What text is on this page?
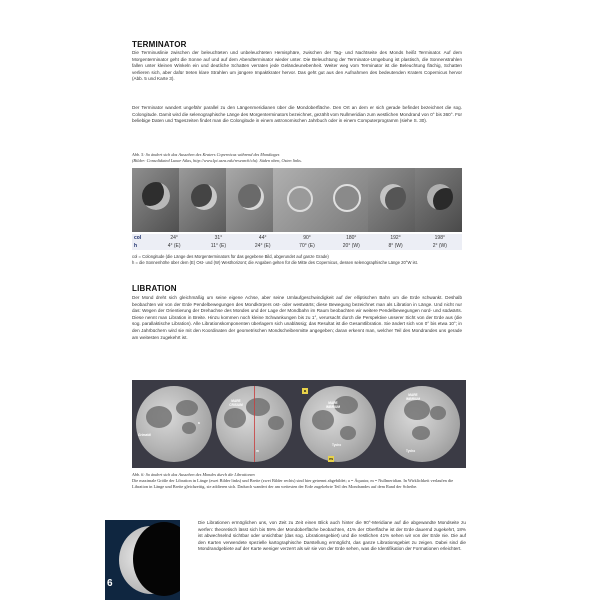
TERMINATOR

Die Terminuslinie zwischen der beleuchteten und unbeleuchteten Hemisphäre, zwischen der Tag- und Nachtseite des Monds heißt Terminator. Auf dem Morgenterminator geht die Sonne auf und auf dem Abendterminator wieder unter. Die Beleuchtung der Terminator-Umgebung ist plastisch, die Sonnenstrahlen fallen unter kleinen Winkeln ein und deutliche Schatten verraten jede Geländeunebenheit. Weiter weg vom Terminator ist die Beleuchtung flächig, Schatten verlieren sich, aber dafür treten klare Strahlen um jüngere Impaktkrater hervor. Das geht gut aus den Aufnahmen des bedeutenden Kraters Copernicus hervor (Abb. 5 und Karte 3).

Der Terminator wandert ungefähr parallel zu den Längenmeridianen über die Mondoberfläche. Den Ort an dem er sich gerade befindet bezeichnet die sog. Colongitude. Damit wird die selenographische Länge des Morgenterminators bezeichnet, gezählt vom Nullmeridian zum westlichen Mondrand von 0° bis 360°. Für beliebige Daten und Tageszeiten findet man die Colongitude in einem astronomischen Jahrbuch oder in einem Computerprogramm (siehe S. 30).

Abb. 5: So ändert sich das Aussehen des Kraters Copernicus während des Mondtages
(Bilder: Consolidated Lunar Atlas, http://www.lpi.usra.edu/research/cla). Süden oben, Osten links.

col	24°	31°	44°	90°	180°	192°	198°
h	4° (E)	11° (E)	24° (E)	70° (E)	20° (W)	8° (W)	2° (W)

col = Colongitude (die Länge des Morgenterminators für das gegebene Bild, abgerundet auf ganze Grade)

h = die Sonnenhöhe über dem (E) Ost- und (W) Westhorizont; die Angaben gelten für die Mitte des Copernicus, dessen selenographische Länge 20°W ist.

LIBRATION

Der Mond dreht sich gleichmäßig um seine eigene Achse, aber seine Umlaufgeschwindigkeit auf der elliptischen Bahn um die Erde schwankt. Deshalb beobachten wir von der Erde Pendelbewegungen des Mondkörpers ost- oder westwärts; diese Bewegung bezeichnet man als Libration in Länge. Und nicht nur das: Wegen der Orientierung der Drehachse des Mondes und der Lage der Mondbahn im Raum beobachten wir weitere Pendelbewegungen nord- und südwärts. Diese nennt man Libration in Breite. Hinzu kommen noch kleine Schwankungen bis zu 1°, verursacht durch die Perspektive unserer Sicht von der Erde aus (die sog. parallaktische Libration). Alle Librationskomponenten überlagern sich unablässig; das Resultat ist die Gesamtlibration. Sie ändert sich von 0° bis etwa 10°; in den Jahrbüchern wird sie mit den Koordinaten der geometrischen Mondscheibenmitte angegeben; daran erkennt man, welcher Teil des Mondrandes uns gerade am weitesten zugekehrt ist.

Grimaldi
a
MARE CRISIUM
m
a
m
Tycho
MARE IMBRIUM
MARE IMBRIUM
Tycho

Abb. 6: So ändert sich das Aussehen des Mondes durch die Librationen
Die maximale Größe der Libration in Länge (zwei Bilder links) und Breite (zwei Bilder rechts) sind hier getrennt abgebildet; a = Äquator, m = Nullmeridian. In Wirklichkeit verlaufen die Libration in Länge und Breite gleichzeitig, sie addieren sich. Dadurch wandert der am weitesten der Erde zugekehrte Teil des Mondrandes auf dem Rand der Scheibe.

6

Die Librationen ermöglichen uns, von Zeit zu Zeit einen Blick auch hinter die 90°-Meridiane auf die abgewandte Mondseite zu werfen: theoretisch lässt sich bis 59% der Mondoberfläche beobachten, 41% der Oberfläche ist der Erde dauernd zugekehrt, 18% ist abwechselnd sichtbar oder unsichtbar (das sog. Librationsgebiet) und die restlichen 41% sehen wir von der Erde nie. Die auf den Karten verwendete spezielle kartographische Darstellung ermöglicht, das ganze Librationsgebiet zu zeigen. Dabei sind die Mondrandgebiete auf der Karte weniger verzerrt als wir sie von der Erde sehen, was die Identifikation der Formationen erleichtert.
